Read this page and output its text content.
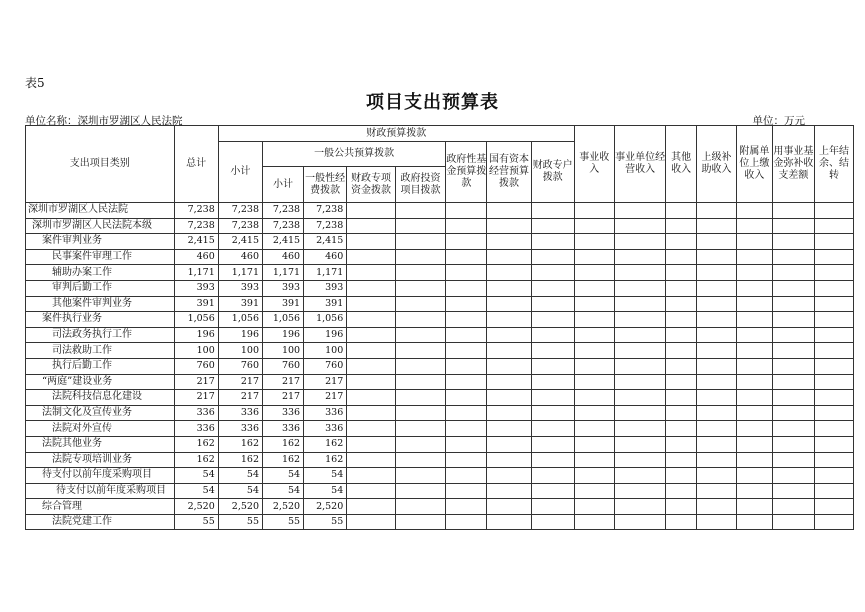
表5
项目支出预算表
单位名称：深圳市罗湖区人民法院	单位：万元
支出项目类别	总计	财政预算拨款								事业收入	事业单位经营收入	其他收入	上级补助收入	附属单位上缴收入	用事业基金弥补收支差额	上年结余、结转
		小计	一般公共预算拨款				政府性基金预算拨款	国有资本经营预算拨款	财政专户拨款							
			小计	一般性经费拨款	财政专项资金拨款	政府投资项目拨款										
深圳市罗湖区人民法院	7,238	7,238	7,238	7,238												
深圳市罗湖区人民法院本级	7,238	7,238	7,238	7,238												
案件审判业务	2,415	2,415	2,415	2,415												
民事案件审理工作	460	460	460	460												
辅助办案工作	1,171	1,171	1,171	1,171												
审判后勤工作	393	393	393	393												
其他案件审判业务	391	391	391	391												
案件执行业务	1,056	1,056	1,056	1,056												
司法政务执行工作	196	196	196	196												
司法救助工作	100	100	100	100												
执行后勤工作	760	760	760	760												
“两庭”建设业务	217	217	217	217												
法院科技信息化建设	217	217	217	217												
法制文化及宣传业务	336	336	336	336												
法院对外宣传	336	336	336	336												
法院其他业务	162	162	162	162												
法院专项培训业务	162	162	162	162												
待支付以前年度采购项目	54	54	54	54												
待支付以前年度采购项目	54	54	54	54												
综合管理	2,520	2,520	2,520	2,520												
法院党建工作	55	55	55	55												
